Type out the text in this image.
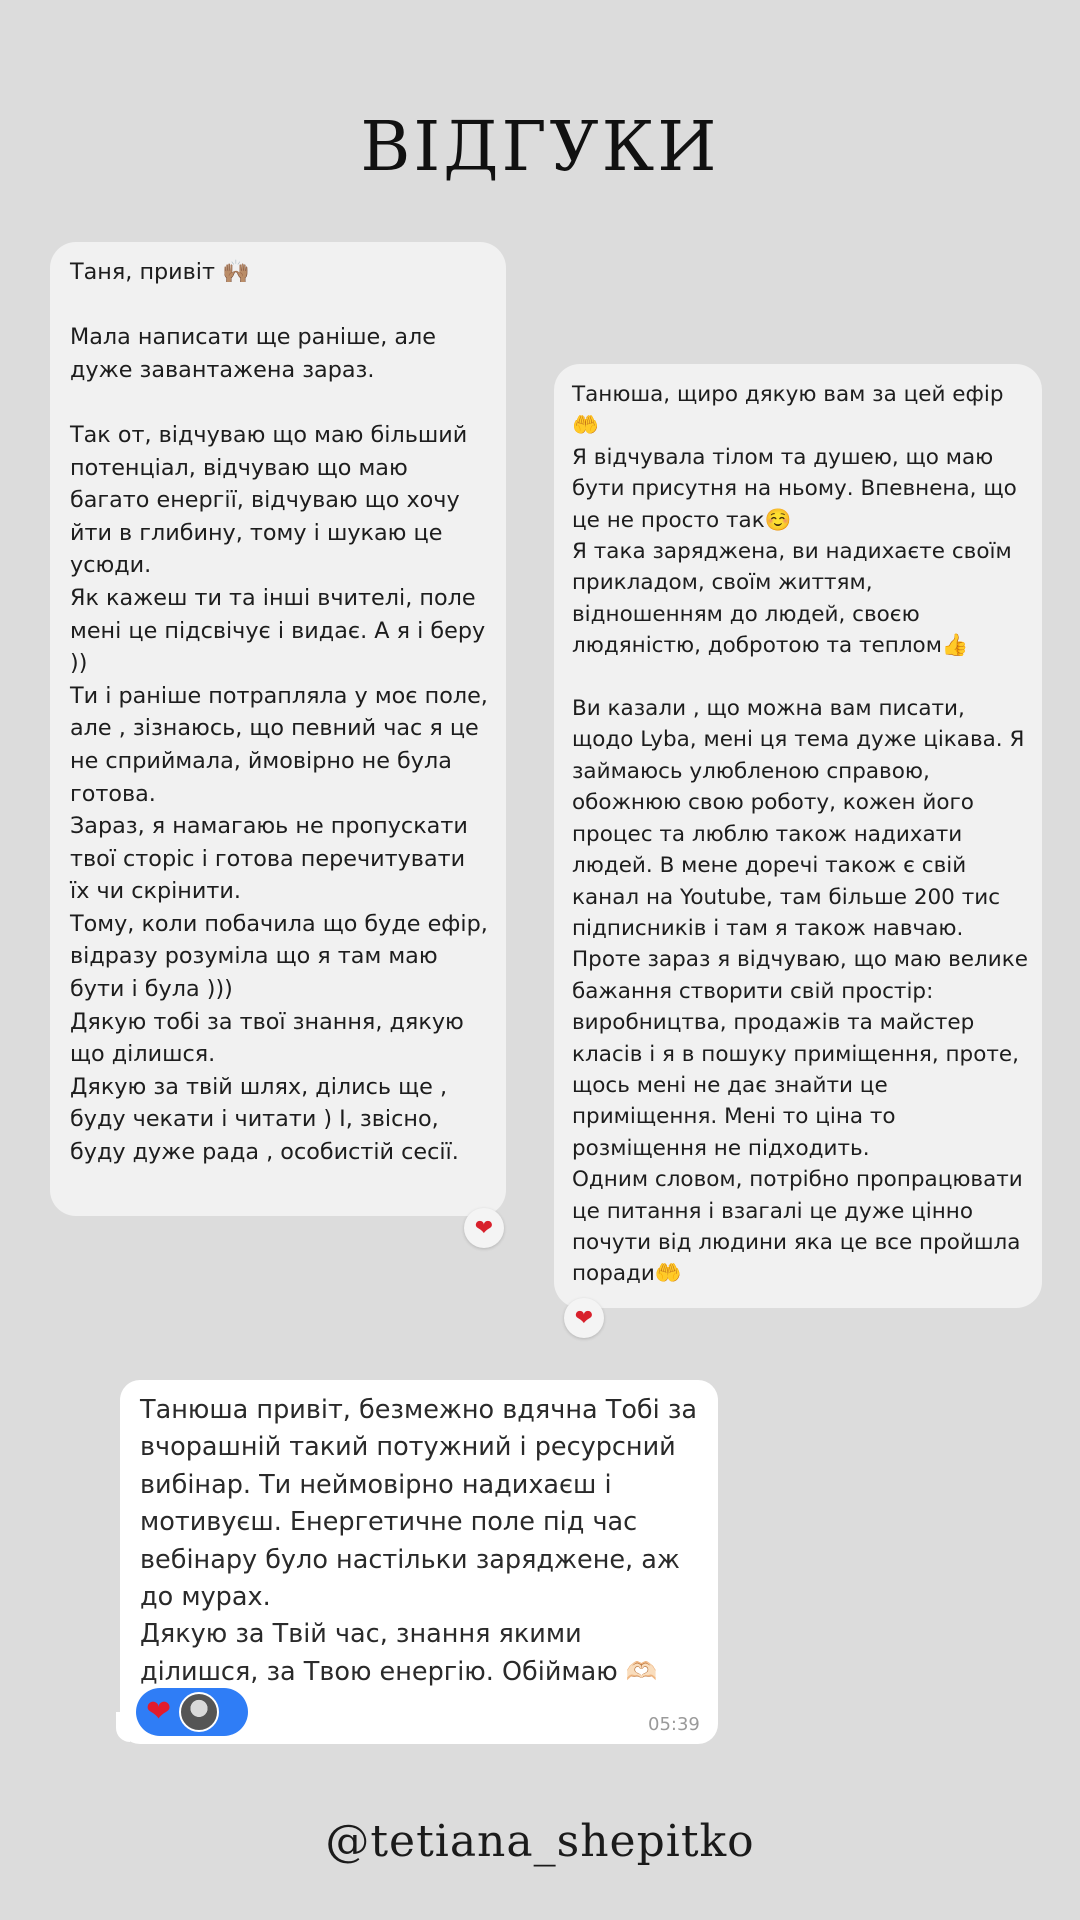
ВІДГУКИ
Таня, привіт 🙌🏽

Мала написати ще раніше, але дуже завантажена зараз.

Так от, відчуваю що маю більший потенціал, відчуваю що маю багато енергії, відчуваю що хочу йти в глибину, тому і шукаю це усюди.
Як кажеш ти та інші вчителі, поле мені це підсвічує і видає. А я і беру ))
Ти і раніше потрапляла у моє поле, але , зізнаюсь, що певний час я це не сприймала, ймовірно не була готова.
Зараз, я намагаюь не пропускати твої сторіс і готова перечитувати їх чи скрінити.
Тому, коли побачила що буде ефір, відразу розуміла що я там маю бути і була )))
Дякую тобі за твої знання, дякую що ділишся.
Дякую за твій шлях, ділись ще , буду чекати і читати ) І, звісно, буду дуже рада , особистій сесії.
❤
Танюша, щиро дякую вам за цей ефір 🤲
Я відчувала тілом та душею, що маю бути присутня на ньому. Впевнена, що це не просто так☺️
Я така заряджена, ви надихаєте своїм прикладом, своїм життям, відношенням до людей, своєю людяністю, добротою та теплом👍

Ви казали , що можна вам писати, щодо Lyba, мені ця тема дуже цікава. Я займаюсь улюбленою справою, обожнюю свою роботу, кожен його процес та люблю також надихати людей. В мене доречі також є свій канал на Youtube, там більше 200 тис підписників і там я також навчаю.
Проте зараз я відчуваю, що маю велике бажання створити свій простір: виробництва, продажів та майстер класів і я в пошуку приміщення, проте, щось мені не дає знайти це приміщення. Мені то ціна то розміщення не підходить.
Одним словом, потрібно пропрацювати це питання і взагалі це дуже цінно почути від людини яка це все пройшла поради🤲
❤
Танюша привіт, безмежно вдячна Тобі за вчорашній такий потужний і ресурсний вибінар. Ти неймовірно надихаєш і мотивуєш. Енергетичне поле під час вебінару було настільки заряджене, аж до мурах.
Дякую за Твій час, знання якими ділишся, за Твою енергію. Обіймаю 🫶🏻
❤	05:39
@tetiana_shepitko
